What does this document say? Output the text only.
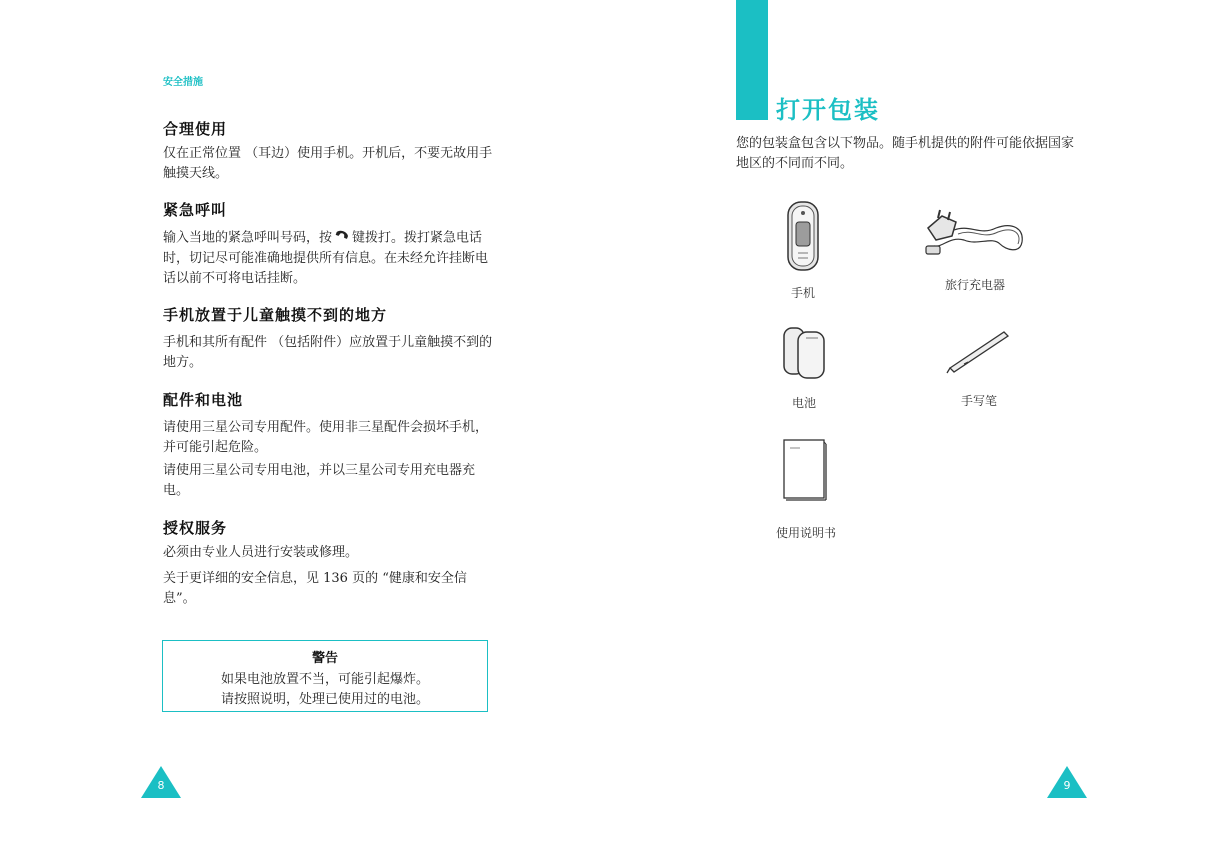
安全措施
合理使用
仅在正常位置 （耳边）使用手机。开机后，不要无故用手触摸天线。
紧急呼叫
输入当地的紧急呼叫号码，按 键拨打。拨打紧急电话时，切记尽可能准确地提供所有信息。在未经允许挂断电话以前不可将电话挂断。
手机放置于儿童触摸不到的地方
手机和其所有配件 （包括附件）应放置于儿童触摸不到的地方。
配件和电池
请使用三星公司专用配件。使用非三星配件会损坏手机，并可能引起危险。
请使用三星公司专用电池，并以三星公司专用充电器充电。
授权服务
必须由专业人员进行安装或修理。
关于更详细的安全信息，见 136 页的 “健康和安全信息”。
警告
如果电池放置不当，可能引起爆炸。
请按照说明，处理已使用过的电池。
8
打开包装
您的包装盒包含以下物品。随手机提供的附件可能依据国家地区的不同而不同。
手机
旅行充电器
电池	手写笔
使用说明书
9
